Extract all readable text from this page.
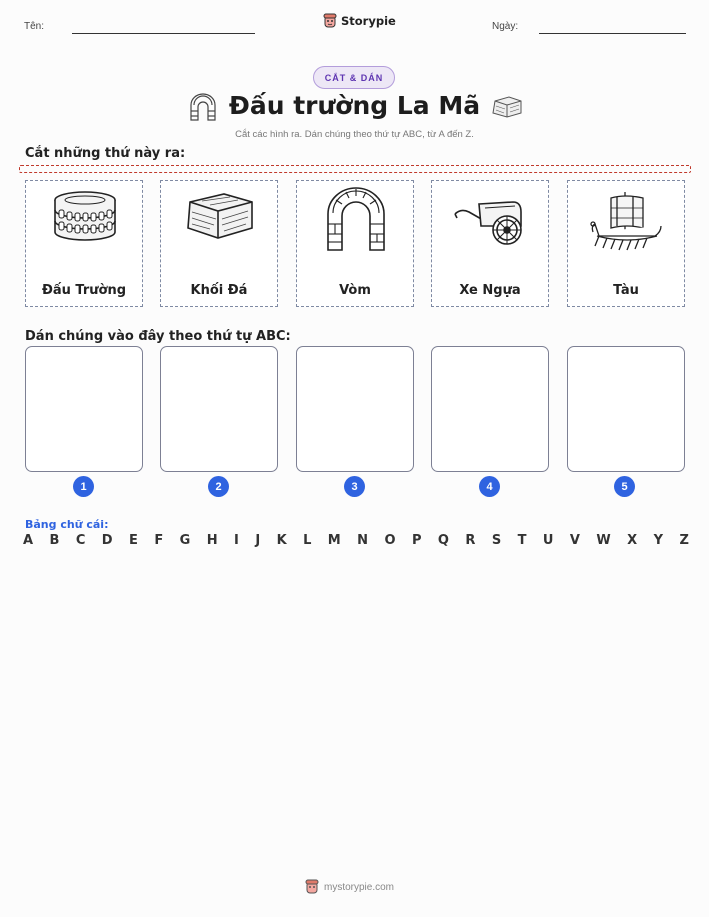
Tên:	Storypie	Ngày:
CẮT & DÁN
Đấu trường La Mã
Cắt các hình ra. Dán chúng theo thứ tự ABC, từ A đến Z.
Cắt những thứ này ra:
Đấu Trường	Khối Đá	Vòm	Xe Ngựa	Tàu
Dán chúng vào đây theo thứ tự ABC:
1	2	3	4	5
Bảng chữ cái:
A B C D E F G H I J K L M N O P Q R S T U V W X Y Z
mystorypie.com
